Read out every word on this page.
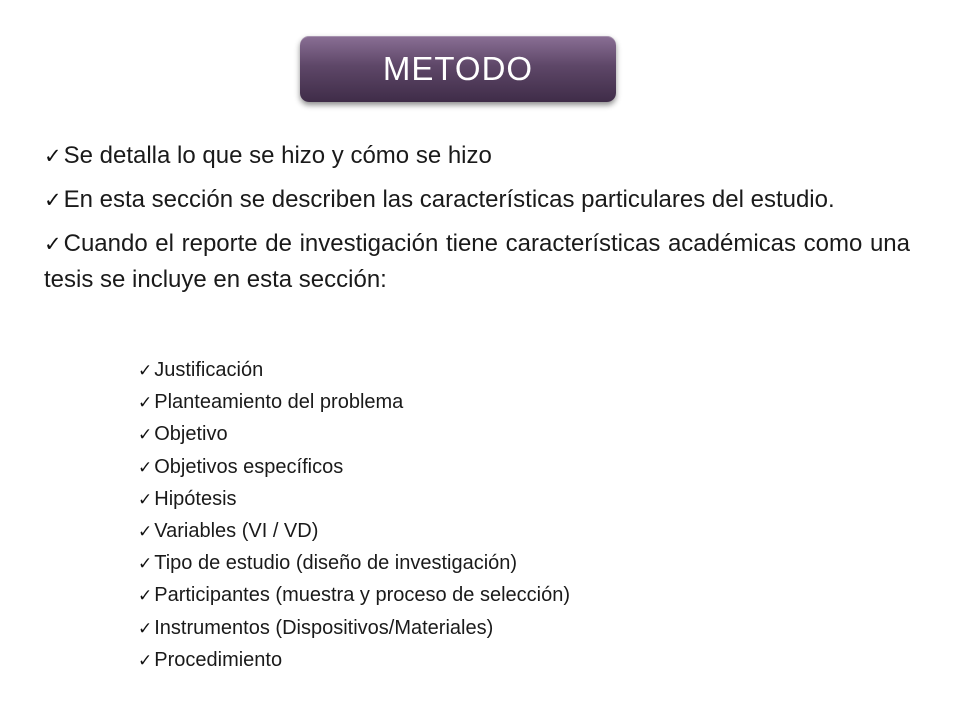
METODO
✓Se detalla lo que se hizo y cómo se hizo
✓En esta sección se describen las características particulares del estudio.
✓Cuando el reporte de investigación tiene características académicas como una tesis se incluye en esta sección:
✓ Justificación
✓ Planteamiento del problema
✓ Objetivo
✓ Objetivos específicos
✓ Hipótesis
✓ Variables (VI / VD)
✓ Tipo de estudio (diseño de investigación)
✓ Participantes (muestra y proceso de selección)
✓ Instrumentos (Dispositivos/Materiales)
✓ Procedimiento
